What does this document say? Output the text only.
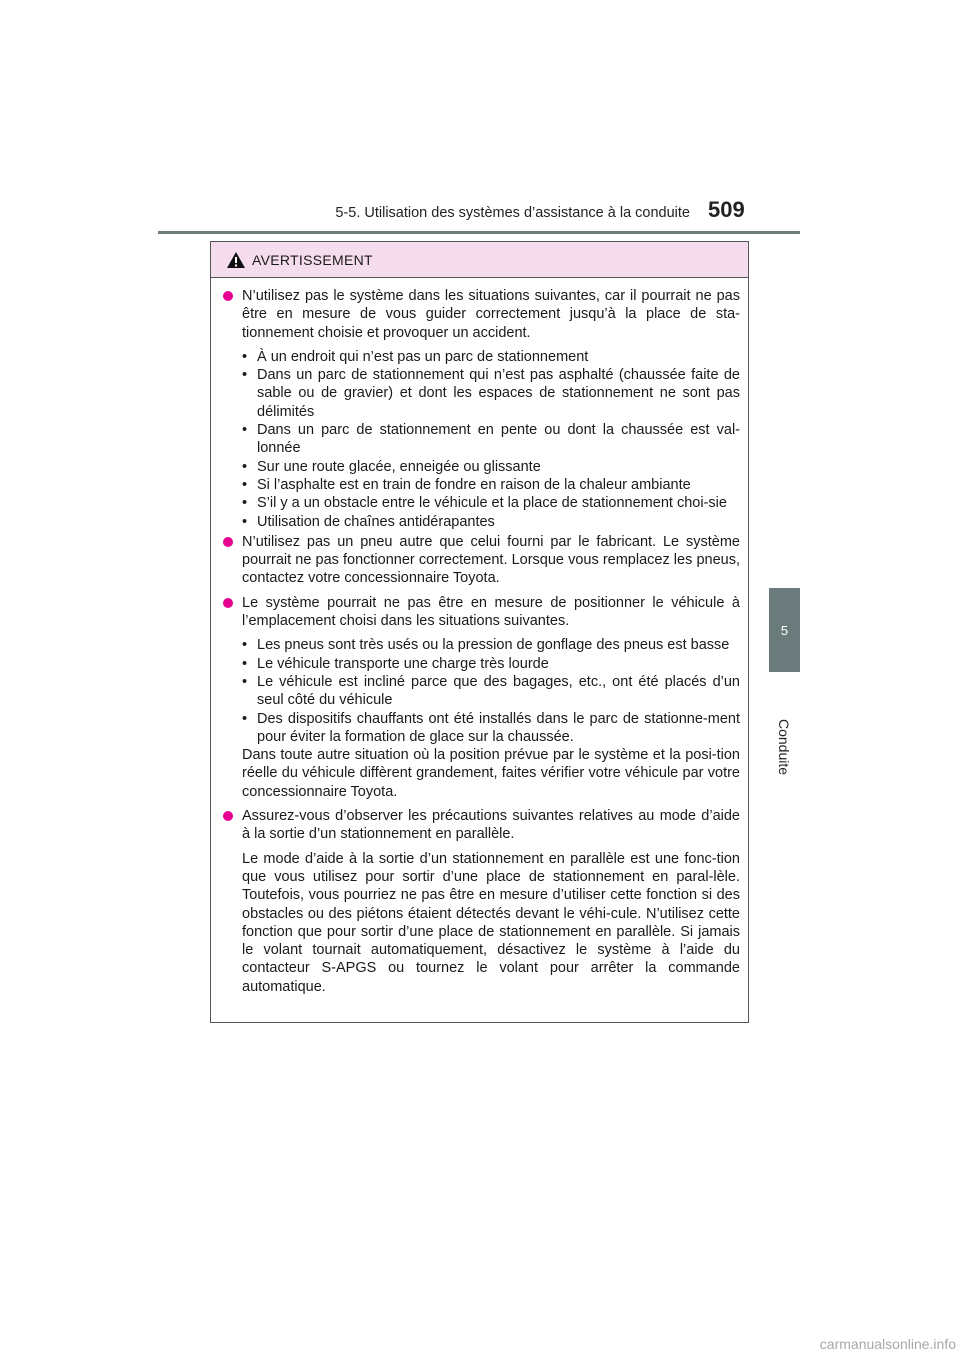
5-5. Utilisation des systèmes d’assistance à la conduite 509
5
Conduite
AVERTISSEMENT
N’utilisez pas le système dans les situations suivantes, car il pourrait ne pas être en mesure de vous guider correctement jusqu’à la place de sta-tionnement choisie et provoquer un accident.
• À un endroit qui n’est pas un parc de stationnement
• Dans un parc de stationnement qui n’est pas asphalté (chaussée faite de sable ou de gravier) et dont les espaces de stationnement ne sont pas délimités
• Dans un parc de stationnement en pente ou dont la chaussée est val-lonnée
• Sur une route glacée, enneigée ou glissante
• Si l’asphalte est en train de fondre en raison de la chaleur ambiante
• S’il y a un obstacle entre le véhicule et la place de stationnement choi-sie
• Utilisation de chaînes antidérapantes
N’utilisez pas un pneu autre que celui fourni par le fabricant. Le système pourrait ne pas fonctionner correctement. Lorsque vous remplacez les pneus, contactez votre concessionnaire Toyota.
Le système pourrait ne pas être en mesure de positionner le véhicule à l’emplacement choisi dans les situations suivantes.
• Les pneus sont très usés ou la pression de gonflage des pneus est basse
• Le véhicule transporte une charge très lourde
• Le véhicule est incliné parce que des bagages, etc., ont été placés d’un seul côté du véhicule
• Des dispositifs chauffants ont été installés dans le parc de stationne-ment pour éviter la formation de glace sur la chaussée.
Dans toute autre situation où la position prévue par le système et la posi-tion réelle du véhicule diffèrent grandement, faites vérifier votre véhicule par votre concessionnaire Toyota.
Assurez-vous d’observer les précautions suivantes relatives au mode d’aide à la sortie d’un stationnement en parallèle.
Le mode d’aide à la sortie d’un stationnement en parallèle est une fonc-tion que vous utilisez pour sortir d’une place de stationnement en paral-lèle. Toutefois, vous pourriez ne pas être en mesure d’utiliser cette fonction si des obstacles ou des piétons étaient détectés devant le véhi-cule. N’utilisez cette fonction que pour sortir d’une place de stationnement en parallèle. Si jamais le volant tournait automatiquement, désactivez le système à l’aide du contacteur S-APGS ou tournez le volant pour arrêter la commande automatique.
carmanualsonline.info
